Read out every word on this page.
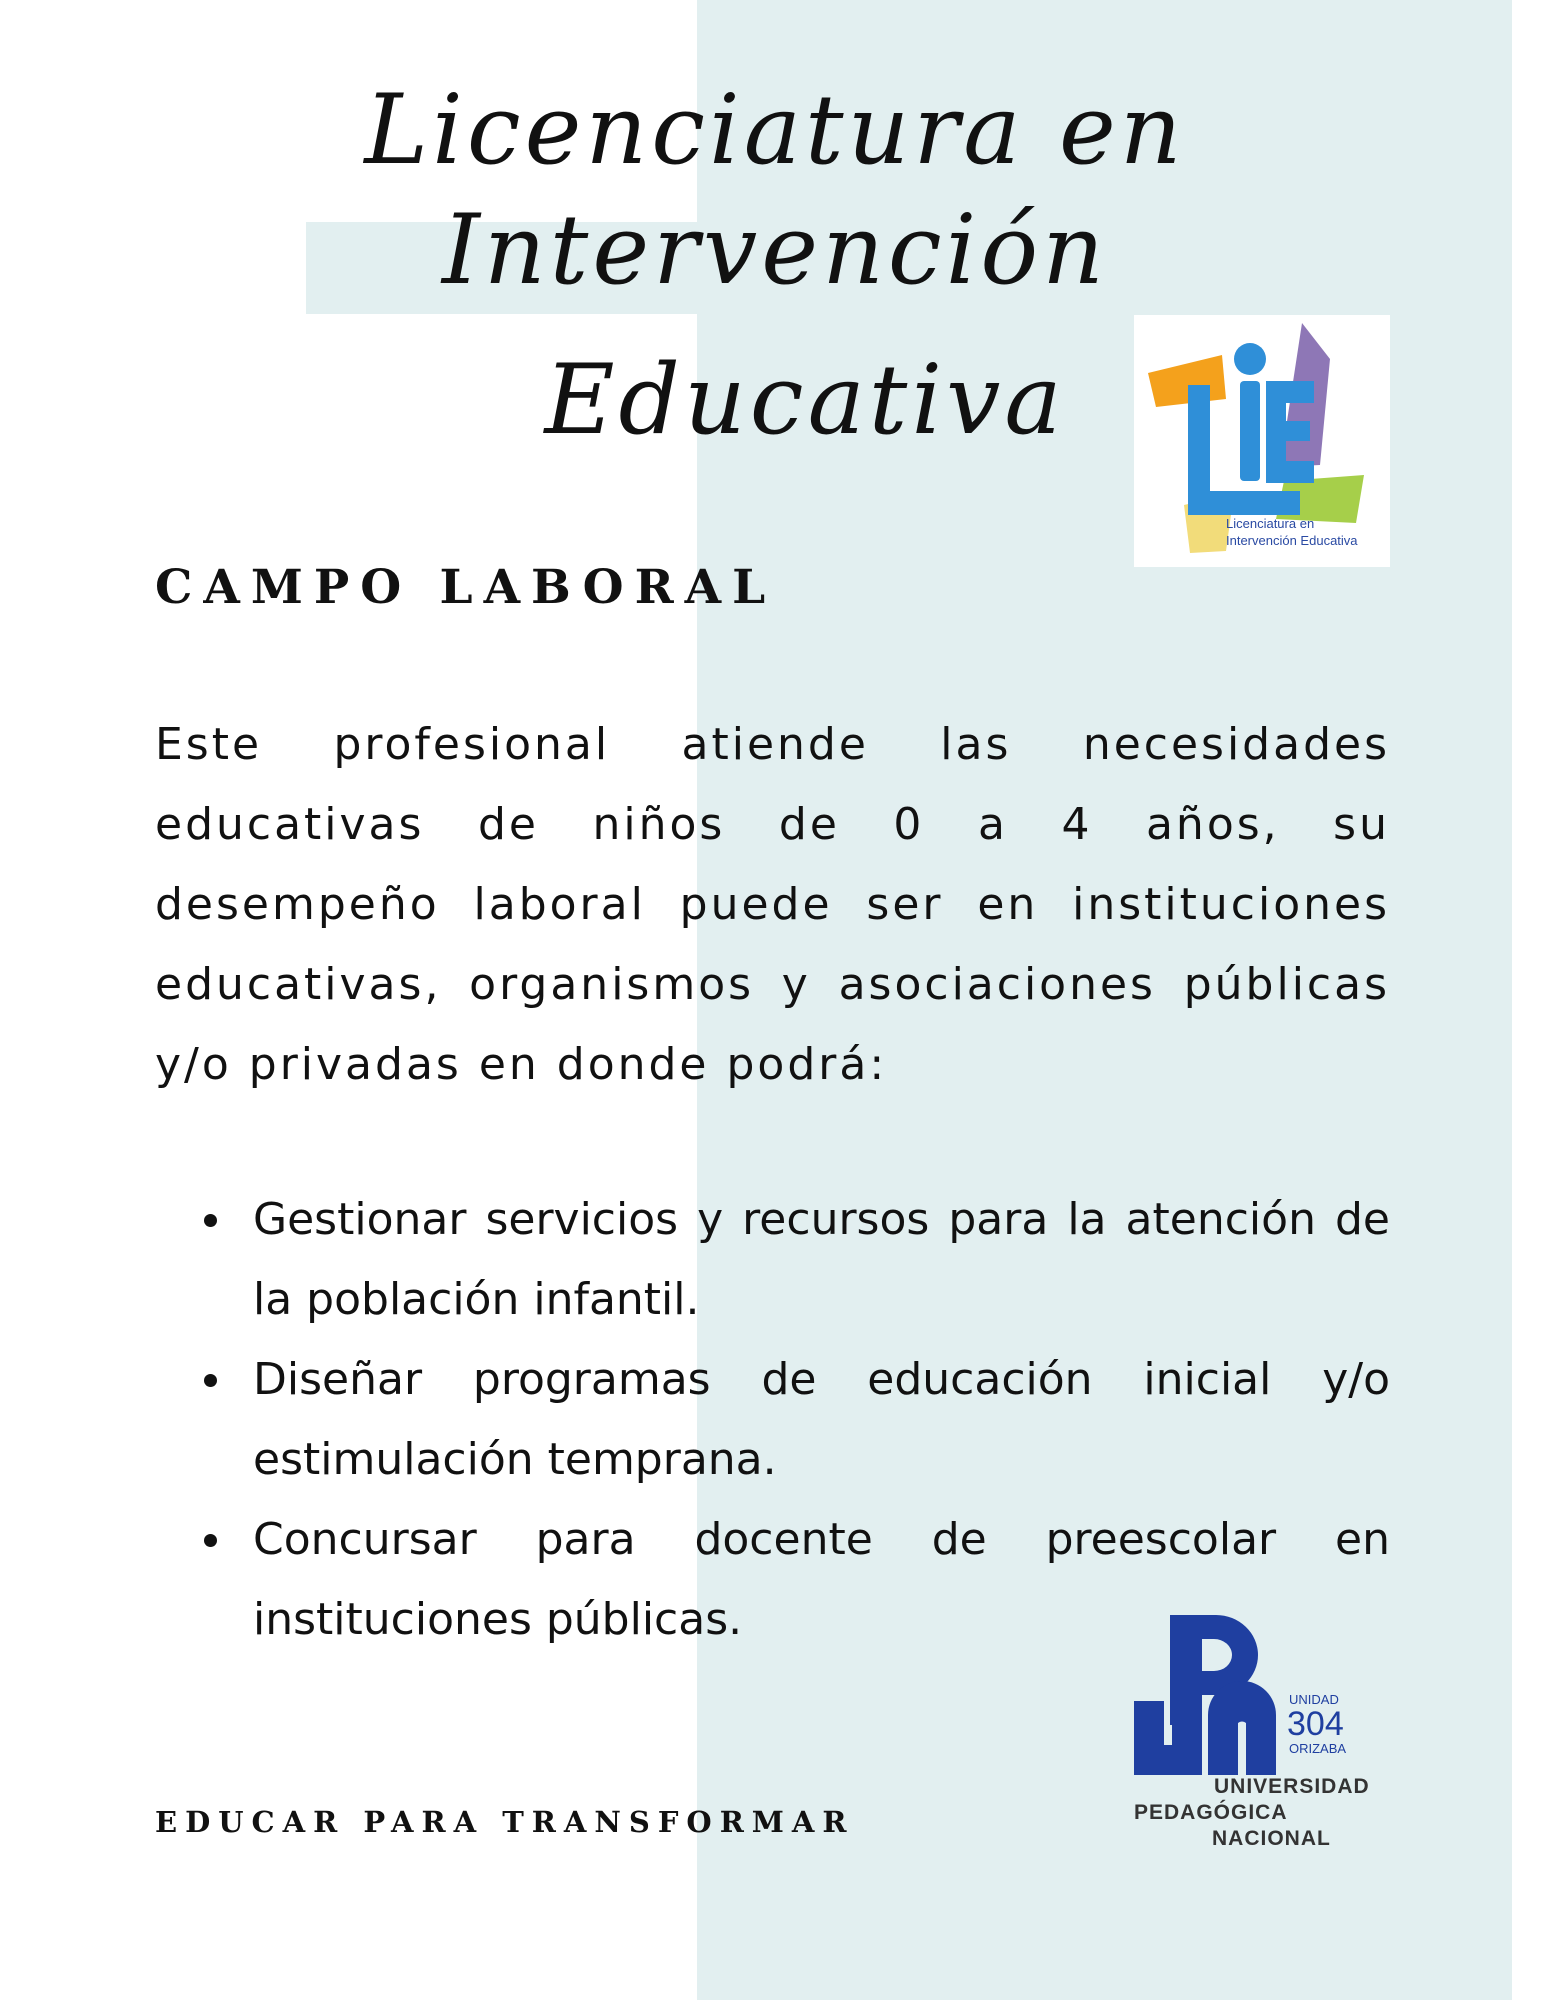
Licenciatura en Intervención
Educativa
Licenciatura en
Intervención Educativa
CAMPO LABORAL

Este profesional atiende las necesidades educativas de niños de 0 a 4 años, su desempeño laboral puede ser en instituciones educativas, organismos y asociaciones públicas y/o privadas en donde podrá:

Gestionar servicios y recursos para la atención de la población infantil.
Diseñar programas de educación inicial y/o estimulación temprana.
Concursar para docente de preescolar en instituciones públicas.
EDUCAR PARA TRANSFORMAR
UNIDAD
304
ORIZABA
UNIVERSIDAD
PEDAGÓGICA
NACIONAL
